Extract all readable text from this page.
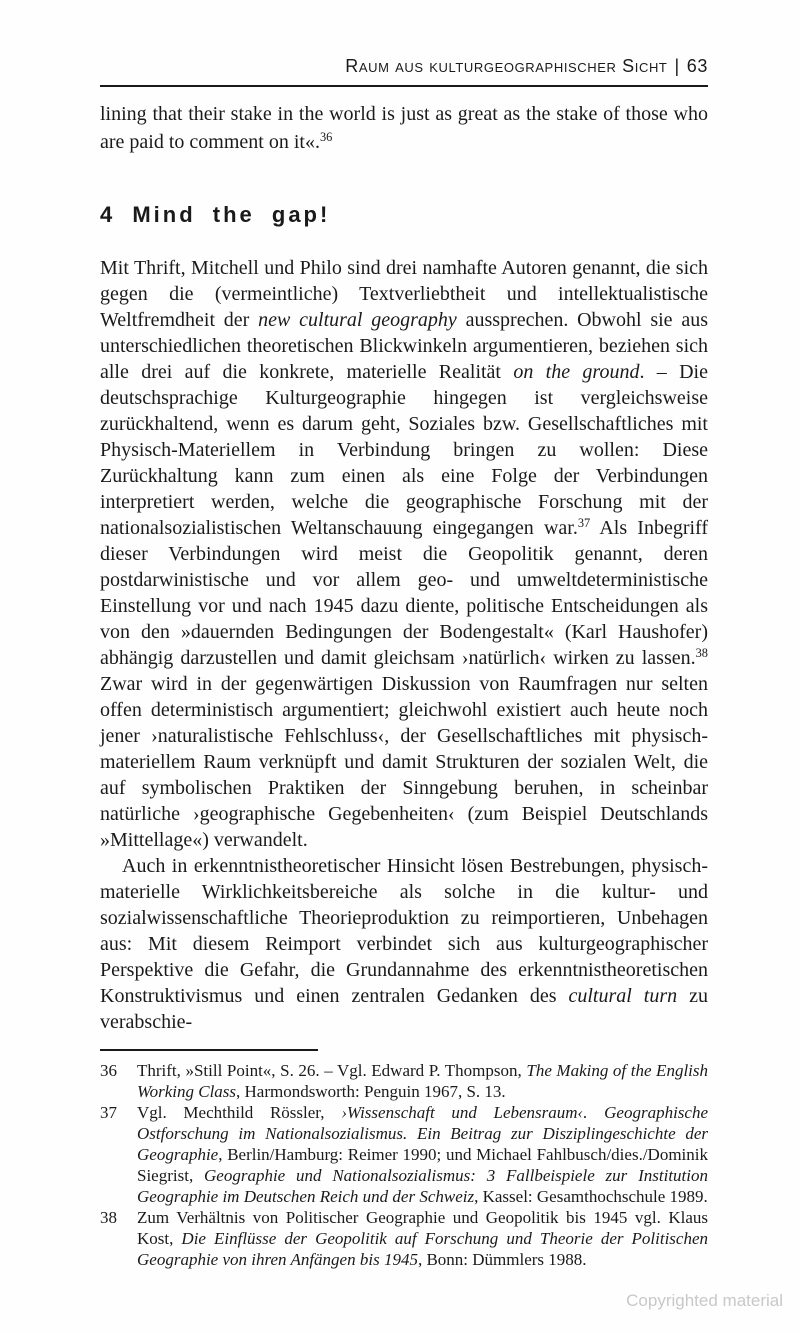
Raum aus kulturgeographischer Sicht | 63

lining that their stake in the world is just as great as the stake of those who are paid to comment on it«.$^{36}$

4 Mind the gap!

Mit Thrift, Mitchell und Philo sind drei namhafte Autoren genannt, die sich gegen die (vermeintliche) Textverliebtheit und intellektualistische Weltfremdheit der new cultural geography aussprechen. Obwohl sie aus unterschiedlichen theoretischen Blickwinkeln argumentieren, beziehen sich alle drei auf die konkrete, materielle Realität on the ground. – Die deutschsprachige Kulturgeographie hingegen ist vergleichsweise zurückhaltend, wenn es darum geht, Soziales bzw. Gesellschaftliches mit Physisch-Materiellem in Verbindung bringen zu wollen: Diese Zurückhaltung kann zum einen als eine Folge der Verbindungen interpretiert werden, welche die geographische Forschung mit der nationalsozialistischen Weltanschauung eingegangen war.$^{37}$ Als Inbegriff dieser Verbindungen wird meist die Geopolitik genannt, deren postdarwinistische und vor allem geo- und umweltdeterministische Einstellung vor und nach 1945 dazu diente, politische Entscheidungen als von den »dauernden Bedingungen der Bodengestalt« (Karl Haushofer) abhängig darzustellen und damit gleichsam ›natürlich‹ wirken zu lassen.$^{38}$ Zwar wird in der gegenwärtigen Diskussion von Raumfragen nur selten offen deterministisch argumentiert; gleichwohl existiert auch heute noch jener ›naturalistische Fehlschluss‹, der Gesellschaftliches mit physisch-materiellem Raum verknüpft und damit Strukturen der sozialen Welt, die auf symbolischen Praktiken der Sinngebung beruhen, in scheinbar natürliche ›geographische Gegebenheiten‹ (zum Beispiel Deutschlands »Mittellage«) verwandelt.

Auch in erkenntnistheoretischer Hinsicht lösen Bestrebungen, physisch-materielle Wirklichkeitsbereiche als solche in die kultur- und sozialwissenschaftliche Theorieproduktion zu reimportieren, Unbehagen aus: Mit diesem Reimport verbindet sich aus kulturgeographischer Perspektive die Gefahr, die Grundannahme des erkenntnistheoretischen Konstruktivismus und einen zentralen Gedanken des cultural turn zu verabschie-

36 Thrift, »Still Point«, S. 26. – Vgl. Edward P. Thompson, The Making of the English Working Class, Harmondsworth: Penguin 1967, S. 13.
37 Vgl. Mechthild Rössler, ›Wissenschaft und Lebensraum‹. Geographische Ostforschung im Nationalsozialismus. Ein Beitrag zur Disziplingeschichte der Geographie, Berlin/Hamburg: Reimer 1990; und Michael Fahlbusch/dies./Dominik Siegrist, Geographie und Nationalsozialismus: 3 Fallbeispiele zur Institution Geographie im Deutschen Reich und der Schweiz, Kassel: Gesamthochschule 1989.
38 Zum Verhältnis von Politischer Geographie und Geopolitik bis 1945 vgl. Klaus Kost, Die Einflüsse der Geopolitik auf Forschung und Theorie der Politischen Geographie von ihren Anfängen bis 1945, Bonn: Dümmlers 1988.
Copyrighted material
